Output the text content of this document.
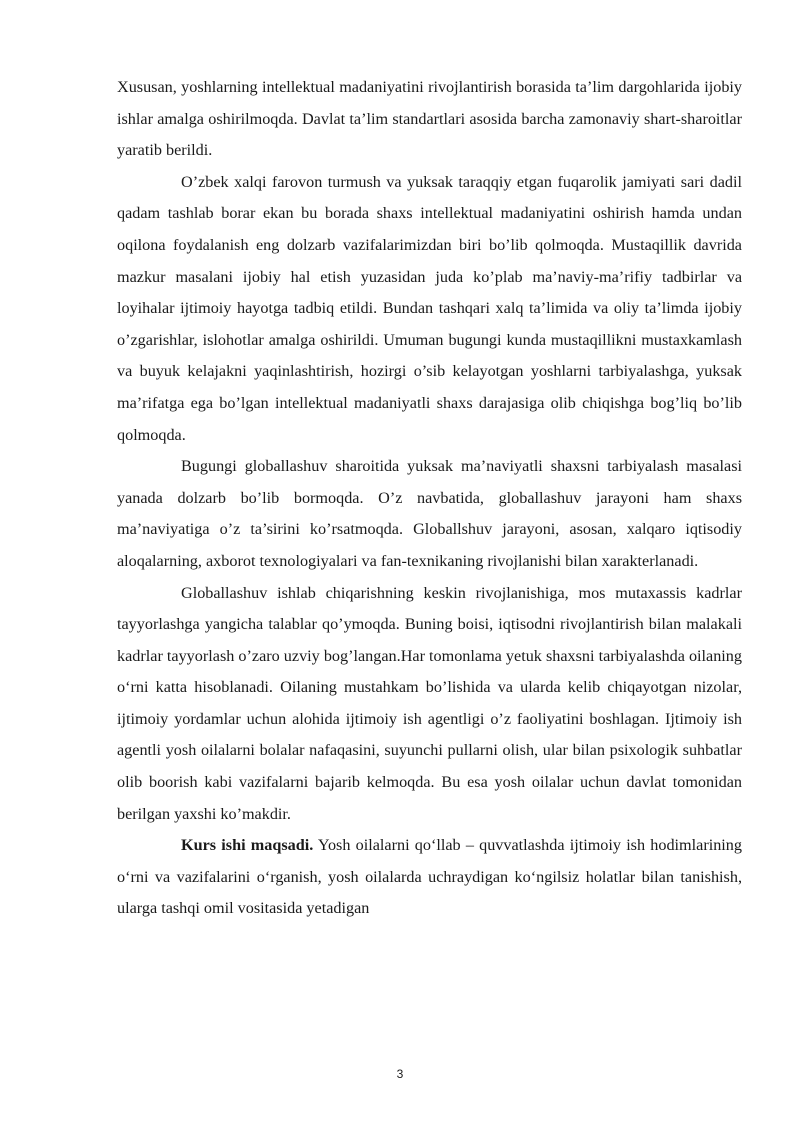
Xususan, yoshlarning intellektual madaniyatini rivojlantirish borasida ta’lim dargohlarida ijobiy ishlar amalga oshirilmoqda. Davlat ta’lim standartlari asosida barcha zamonaviy shart-sharoitlar yaratib berildi.

O’zbek xalqi farovon turmush va yuksak taraqqiy etgan fuqarolik jamiyati sari dadil qadam tashlab borar ekan bu borada shaxs intellektual madaniyatini oshirish hamda undan oqilona foydalanish eng dolzarb vazifalarimizdan biri bo’lib qolmoqda. Mustaqillik davrida mazkur masalani ijobiy hal etish yuzasidan juda ko’plab ma’naviy-ma’rifiy tadbirlar va loyihalar ijtimoiy hayotga tadbiq etildi. Bundan tashqari xalq ta’limida va oliy ta’limda ijobiy o’zgarishlar, islohotlar amalga oshirildi. Umuman bugungi kunda mustaqillikni mustaxkamlash va buyuk kelajakni yaqinlashtirish, hozirgi o’sib kelayotgan yoshlarni tarbiyalashga, yuksak ma’rifatga ega bo’lgan intellektual madaniyatli shaxs darajasiga olib chiqishga bog’liq bo’lib qolmoqda.

Bugungi globallashuv sharoitida yuksak ma’naviyatli shaxsni tarbiyalash masalasi yanada dolzarb bo’lib bormoqda. O’z navbatida, globallashuv jarayoni ham shaxs ma’naviyatiga o’z ta’sirini ko’rsatmoqda. Globallshuv jarayoni, asosan, xalqaro iqtisodiy aloqalarning, axborot texnologiyalari va fan-texnikaning rivojlanishi bilan xarakterlanadi.

Globallashuv ishlab chiqarishning keskin rivojlanishiga, mos mutaxassis kadrlar tayyorlashga yangicha talablar qo’ymoqda. Buning boisi, iqtisodni rivojlantirish bilan malakali kadrlar tayyorlash o’zaro uzviy bog’langan.Har tomonlama yetuk shaxsni tarbiyalashda oilaning o‘rni katta hisoblanadi. Oilaning mustahkam bo’lishida va ularda kelib chiqayotgan nizolar, ijtimoiy yordamlar uchun alohida ijtimoiy ish agentligi o’z faoliyatini boshlagan. Ijtimoiy ish agentli yosh oilalarni bolalar nafaqasini, suyunchi pullarni olish, ular bilan psixologik suhbatlar olib boorish kabi vazifalarni bajarib kelmoqda. Bu esa yosh oilalar uchun davlat tomonidan berilgan yaxshi ko’makdir.

Kurs ishi maqsadi. Yosh oilalarni qo‘llab – quvvatlashda ijtimoiy ish hodimlarining o‘rni va vazifalarini o‘rganish, yosh oilalarda uchraydigan ko‘ngilsiz holatlar bilan tanishish, ularga tashqi omil vositasida yetadigan

3
